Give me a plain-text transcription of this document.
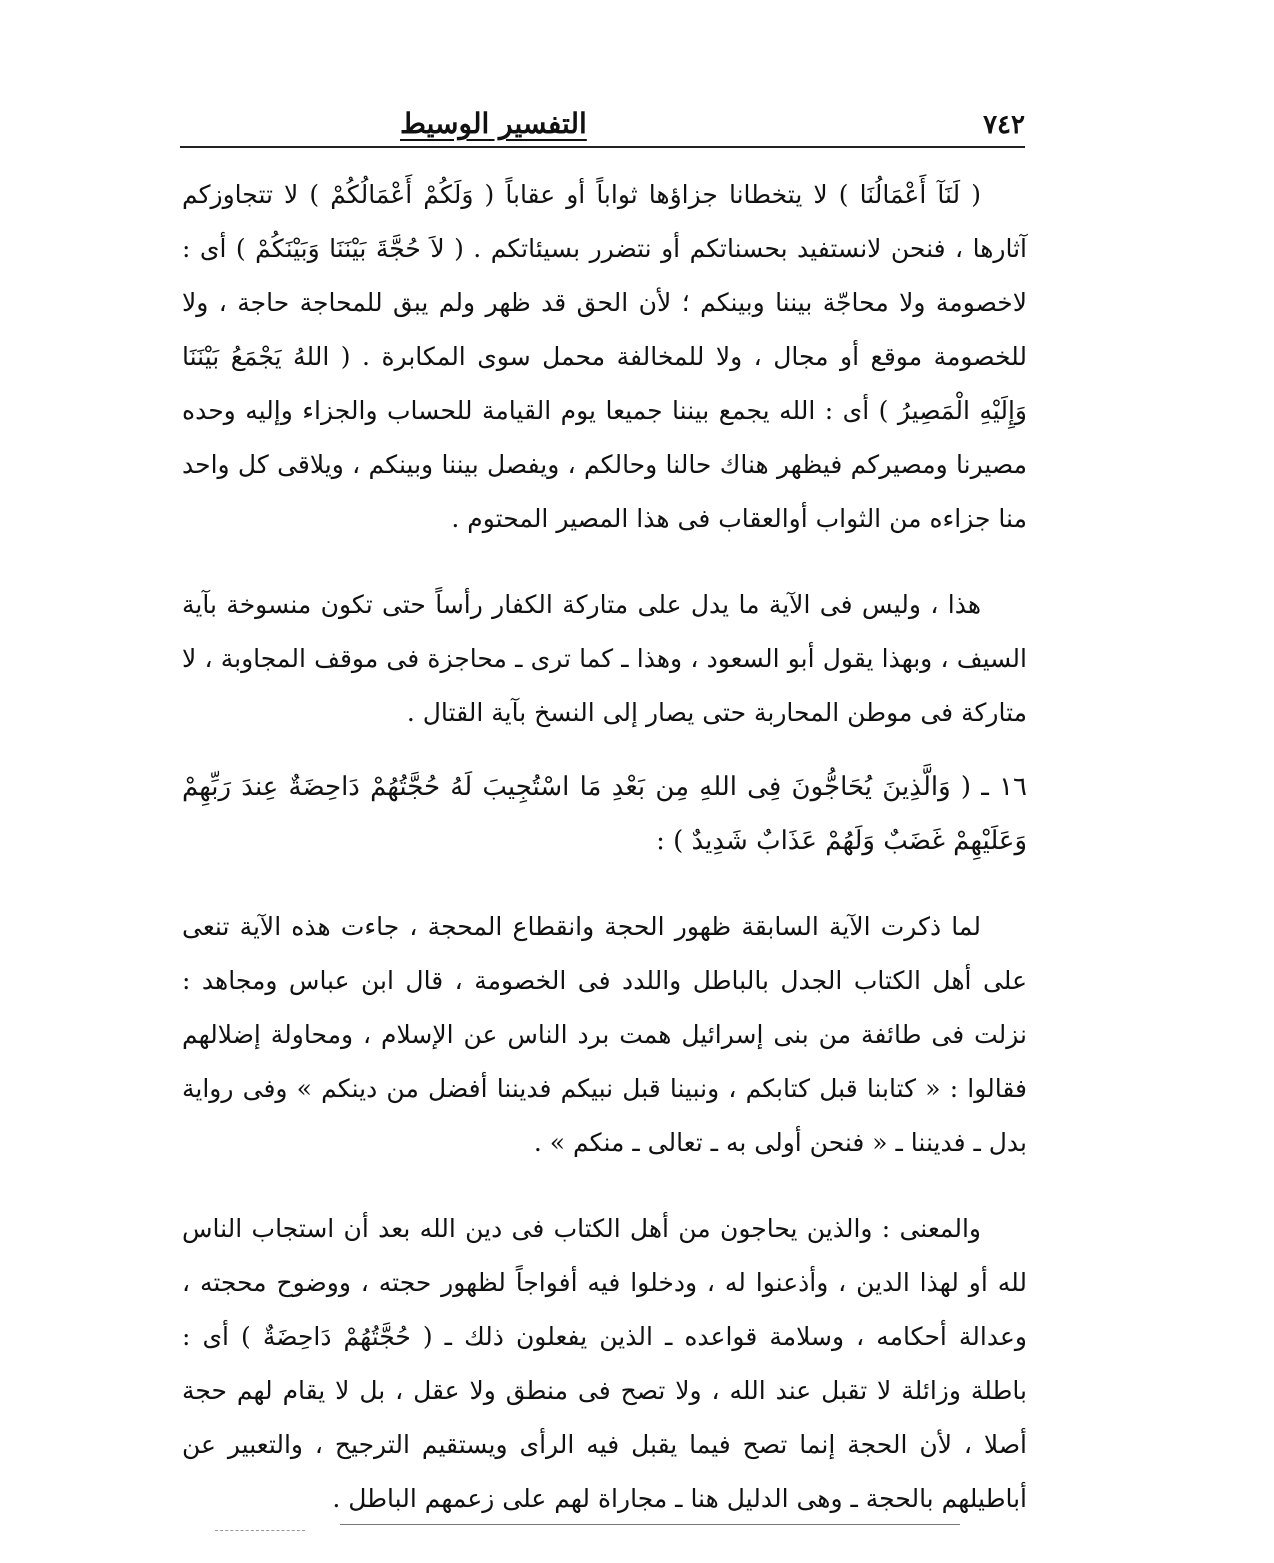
٧٤٢
التفسير الوسيط

( لَنَآ أَعْمَالُنَا ) لا يتخطانا جزاؤها ثواباً أو عقاباً ( وَلَكُمْ أَعْمَالُكُمْ ) لا تتجاوزكم آثارها ، فنحن لانستفيد بحسناتكم أو نتضرر بسيئاتكم . ( لاَ حُجَّةَ بَيْنَنَا وَبَيْنَكُمْ ) أى : لاخصومة ولا محاجّة بيننا وبينكم ؛ لأن الحق قد ظهر ولم يبق للمحاجة حاجة ، ولا للخصومة موقع أو مجال ، ولا للمخالفة محمل سوى المكابرة . ( اللهُ يَجْمَعُ بَيْنَنَا وَإِلَيْهِ الْمَصِيرُ ) أى : الله يجمع بيننا جميعا يوم القيامة للحساب والجزاء وإليه وحده مصيرنا ومصيركم فيظهر هناك حالنا وحالكم ، ويفصل بيننا وبينكم ، ويلاقى كل واحد منا جزاءه من الثواب أوالعقاب فى هذا المصير المحتوم .

هذا ، وليس فى الآية ما يدل على متاركة الكفار رأساً حتى تكون منسوخة بآية السيف ، وبهذا يقول أبو السعود ، وهذا ـ كما ترى ـ محاجزة فى موقف المجاوبة ، لا متاركة فى موطن المحاربة حتى يصار إلى النسخ بآية القتال .

١٦ ـ ( وَالَّذِينَ يُحَاجُّونَ فِى اللهِ مِن بَعْدِ مَا اسْتُجِيبَ لَهُ حُجَّتُهُمْ دَاحِضَةٌ عِندَ رَبِّهِمْ وَعَلَيْهِمْ غَضَبٌ وَلَهُمْ عَذَابٌ شَدِيدٌ ) :

لما ذكرت الآية السابقة ظهور الحجة وانقطاع المحجة ، جاءت هذه الآية تنعى على أهل الكتاب الجدل بالباطل واللدد فى الخصومة ، قال ابن عباس ومجاهد : نزلت فى طائفة من بنى إسرائيل همت برد الناس عن الإسلام ، ومحاولة إضلالهم فقالوا : « كتابنا قبل كتابكم ، ونبينا قبل نبيكم فديننا أفضل من دينكم » وفى رواية بدل ـ فديننا ـ « فنحن أولى به ـ تعالى ـ منكم » .

والمعنى : والذين يحاجون من أهل الكتاب فى دين الله بعد أن استجاب الناس لله أو لهذا الدين ، وأذعنوا له ، ودخلوا فيه أفواجاً لظهور حجته ، ووضوح محجته ، وعدالة أحكامه ، وسلامة قواعده ـ الذين يفعلون ذلك ـ ( حُجَّتُهُمْ دَاحِضَةٌ ) أى : باطلة وزائلة لا تقبل عند الله ، ولا تصح فى منطق ولا عقل ، بل لا يقام لهم حجة أصلا ، لأن الحجة إنما تصح فيما يقبل فيه الرأى ويستقيم الترجيح ، والتعبير عن أباطيلهم بالحجة ـ وهى الدليل هنا ـ مجاراة لهم على زعمهم الباطل .
